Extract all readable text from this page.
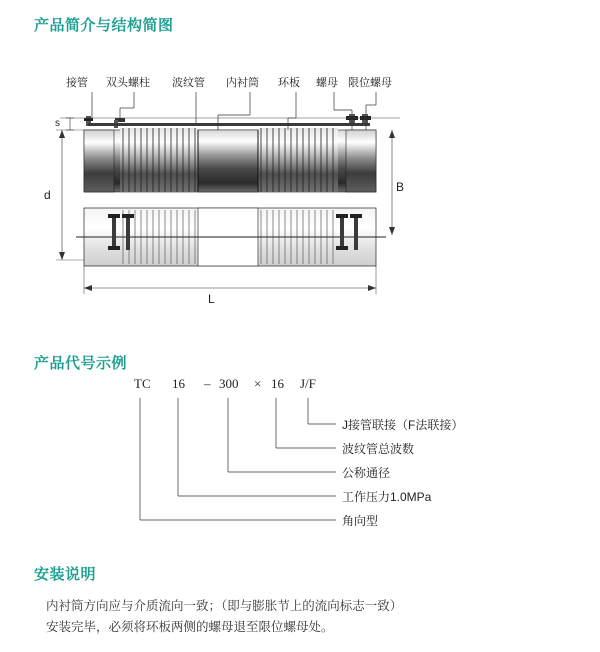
产品简介与结构简图
接管 双头螺柱 波纹管 内衬筒 环板 螺母 限位螺母
s
d
B
L
产品代号示例
TC 16 – 300 × 16 J/F
J接管联接（F法联接）
波纹管总波数
公称通径
工作压力1.0MPa
角向型
安装说明
内衬筒方向应与介质流向一致；（即与膨胀节上的流向标志一致）
安装完毕，必须将环板两侧的螺母退至限位螺母处。
